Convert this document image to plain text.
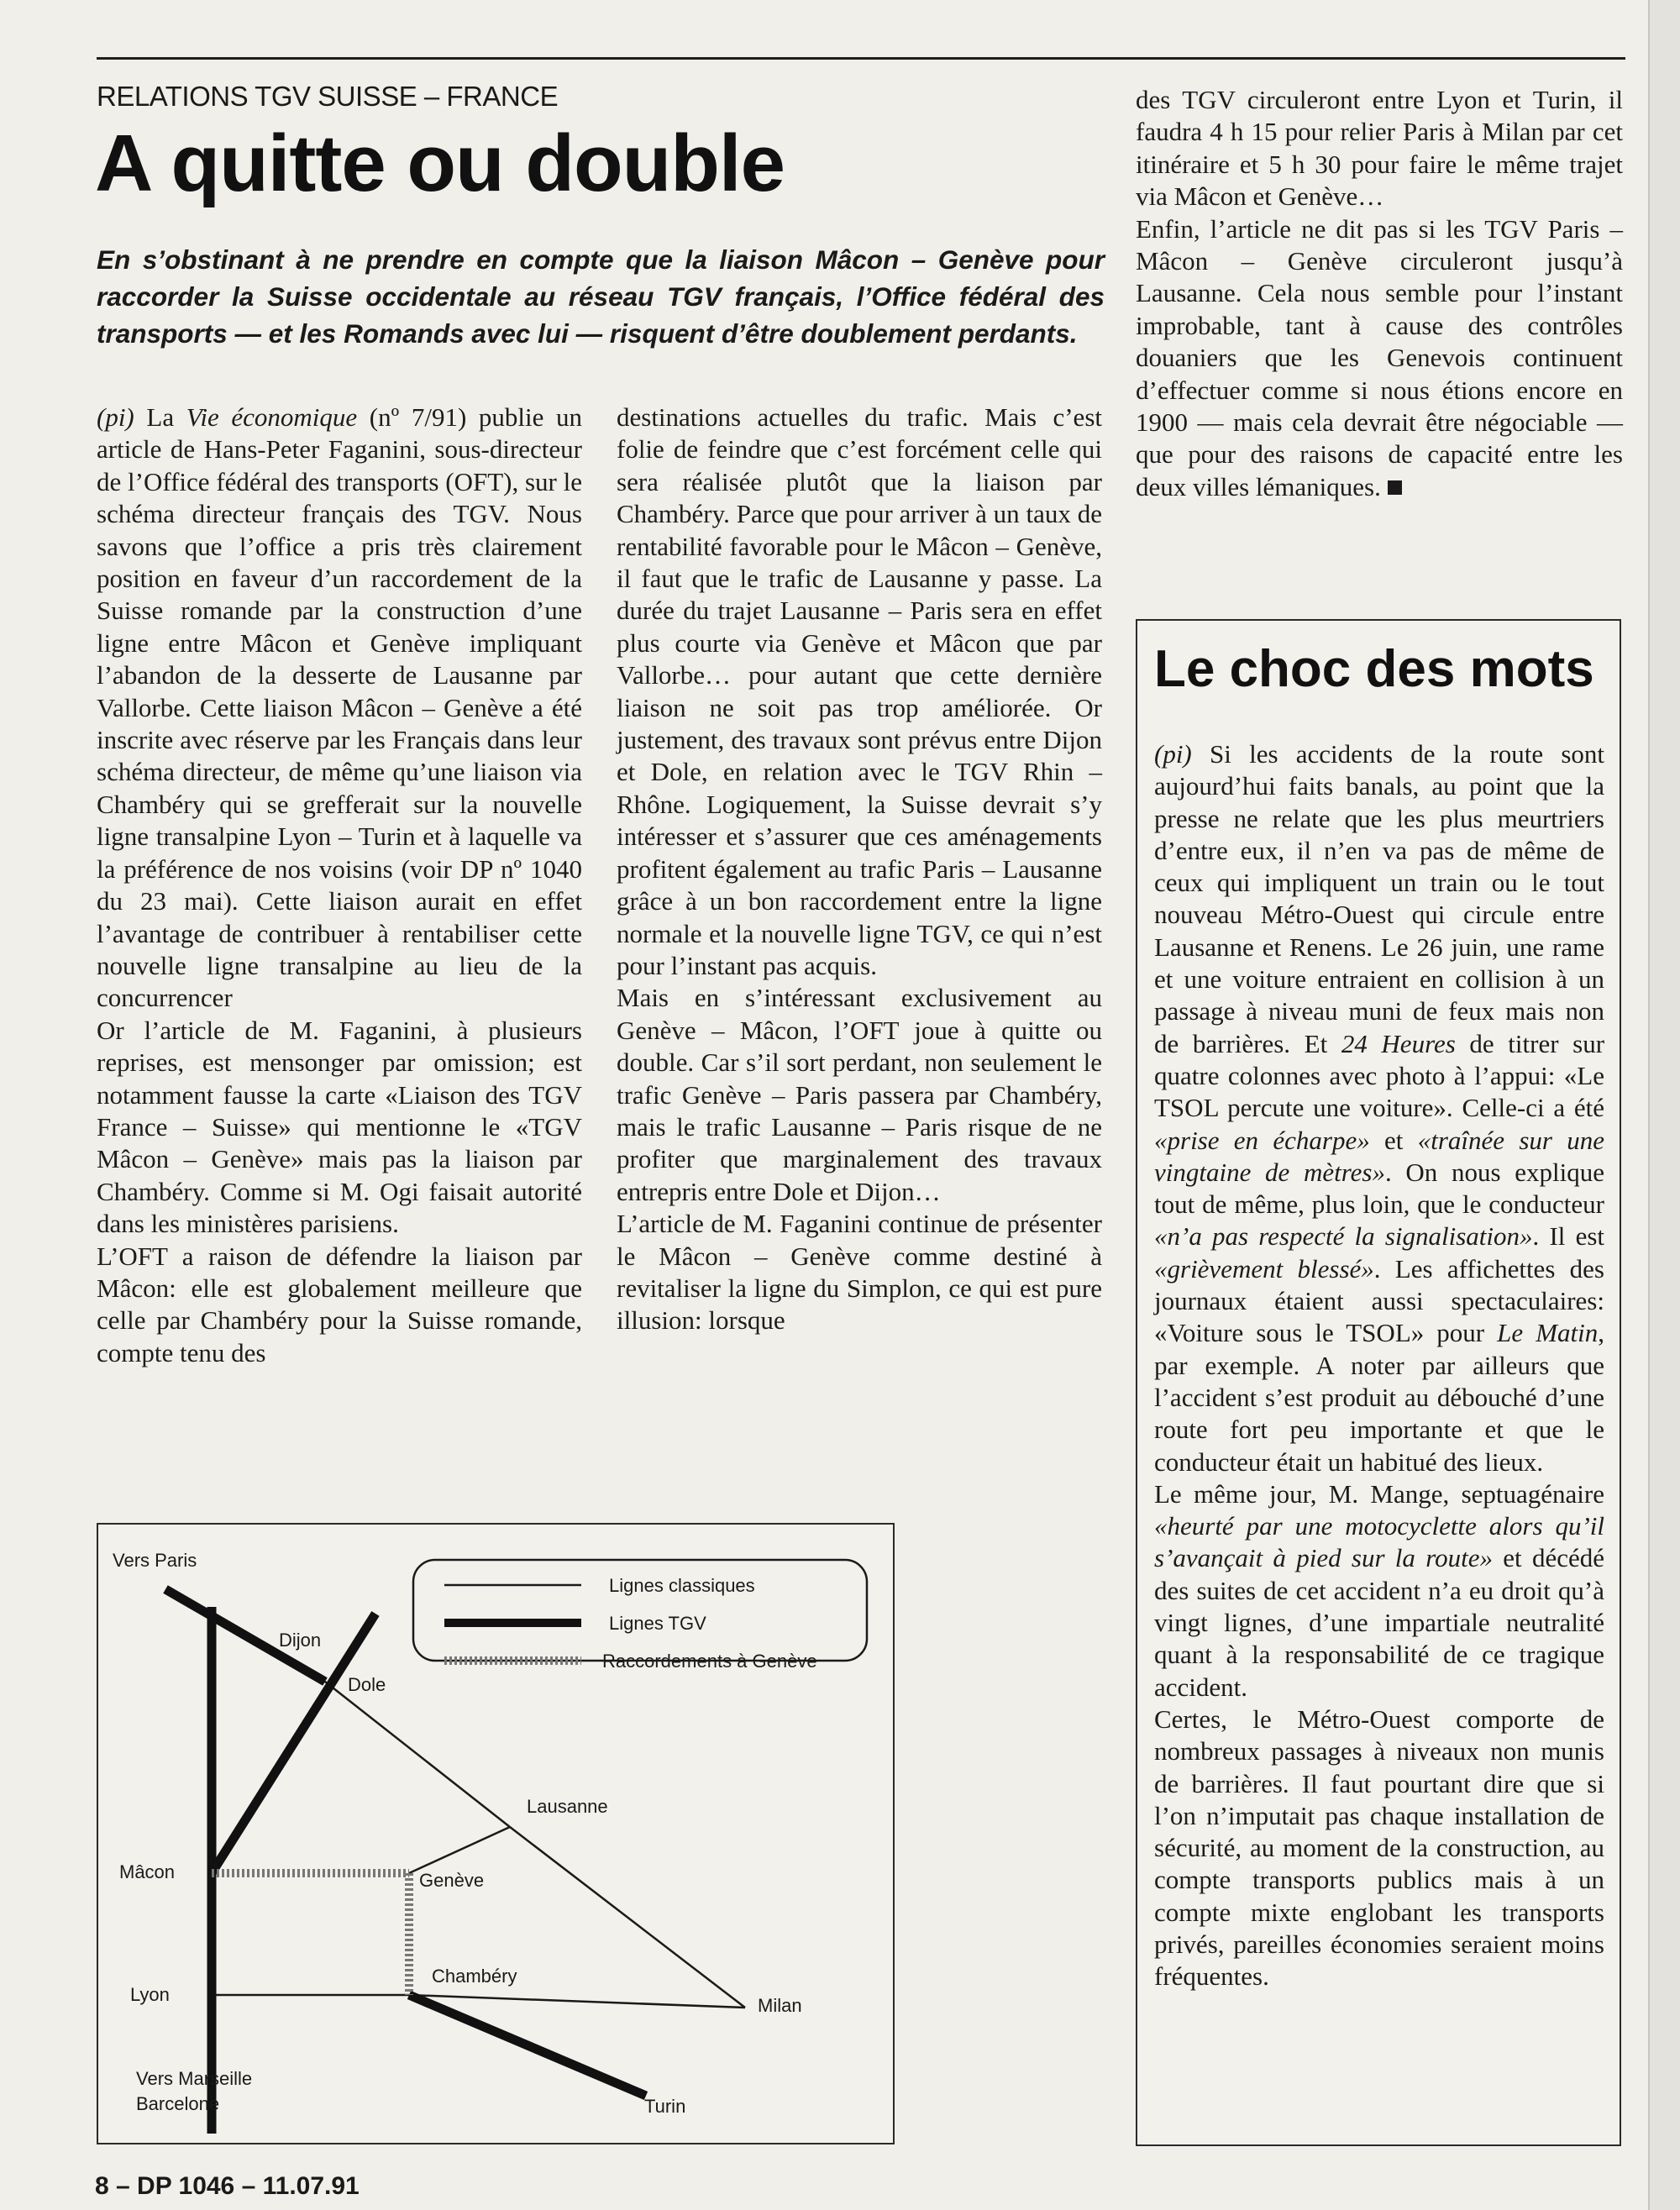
RELATIONS TGV SUISSE – FRANCE
A quitte ou double

En s’obstinant à ne prendre en compte que la liaison Mâcon – Genève pour raccorder la Suisse occidentale au réseau TGV français, l’Office fédéral des transports — et les Romands avec lui — risquent d’être doublement perdants.

(pi) La Vie économique (nº 7/91) publie un article de Hans-Peter Faganini, sous-directeur de l’Office fédéral des transports (OFT), sur le schéma directeur français des TGV. Nous savons que l’office a pris très clairement position en faveur d’un raccordement de la Suisse romande par la construction d’une ligne entre Mâcon et Genève impliquant l’abandon de la desserte de Lausanne par Vallorbe. Cette liaison Mâcon – Genève a été inscrite avec réserve par les Français dans leur schéma directeur, de même qu’une liaison via Chambéry qui se grefferait sur la nouvelle ligne transalpine Lyon – Turin et à laquelle va la préférence de nos voisins (voir DP nº 1040 du 23 mai). Cette liaison aurait en effet l’avantage de contribuer à rentabiliser cette nouvelle ligne transalpine au lieu de la concurrencer

Or l’article de M. Faganini, à plusieurs reprises, est mensonger par omission; est notamment fausse la carte «Liaison des TGV France – Suisse» qui mentionne le «TGV Mâcon – Genève» mais pas la liaison par Chambéry. Comme si M. Ogi faisait autorité dans les ministères parisiens.

L’OFT a raison de défendre la liaison par Mâcon: elle est globalement meilleure que celle par Chambéry pour la Suisse romande, compte tenu des

destinations actuelles du trafic. Mais c’est folie de feindre que c’est forcément celle qui sera réalisée plutôt que la liaison par Chambéry. Parce que pour arriver à un taux de rentabilité favorable pour le Mâcon – Genève, il faut que le trafic de Lausanne y passe. La durée du trajet Lausanne – Paris sera en effet plus courte via Genève et Mâcon que par Vallorbe… pour autant que cette dernière liaison ne soit pas trop améliorée. Or justement, des travaux sont prévus entre Dijon et Dole, en relation avec le TGV Rhin – Rhône. Logiquement, la Suisse devrait s’y intéresser et s’assurer que ces aménagements profitent également au trafic Paris – Lausanne grâce à un bon raccordement entre la ligne normale et la nouvelle ligne TGV, ce qui n’est pour l’instant pas acquis.

Mais en s’intéressant exclusivement au Genève – Mâcon, l’OFT joue à quitte ou double. Car s’il sort perdant, non seulement le trafic Genève – Paris passera par Chambéry, mais le trafic Lausanne – Paris risque de ne profiter que marginalement des travaux entrepris entre Dole et Dijon…

L’article de M. Faganini continue de présenter le Mâcon – Genève comme destiné à revitaliser la ligne du Simplon, ce qui est pure illusion: lorsque

des TGV circuleront entre Lyon et Turin, il faudra 4 h 15 pour relier Paris à Milan par cet itinéraire et 5 h 30 pour faire le même trajet via Mâcon et Genève…

Enfin, l’article ne dit pas si les TGV Paris – Mâcon – Genève circuleront jusqu’à Lausanne. Cela nous semble pour l’instant improbable, tant à cause des contrôles douaniers que les Genevois continuent d’effectuer comme si nous étions encore en 1900 — mais cela devrait être négociable — que pour des raisons de capacité entre les deux villes lémaniques.

Lignes classiques
Lignes TGV
Raccordements à Genève
Vers Paris
Dijon
Dole
Lausanne
Mâcon	Genève
Chambéry
Lyon
Milan
Vers Marseille
Barcelone	Turin
Le choc des mots

(pi) Si les accidents de la route sont aujourd’hui faits banals, au point que la presse ne relate que les plus meurtriers d’entre eux, il n’en va pas de même de ceux qui impliquent un train ou le tout nouveau Métro-Ouest qui circule entre Lausanne et Renens. Le 26 juin, une rame et une voiture entraient en collision à un passage à niveau muni de feux mais non de barrières. Et 24 Heures de titrer sur quatre colonnes avec photo à l’appui: «Le TSOL percute une voiture». Celle-ci a été «prise en écharpe» et «traînée sur une vingtaine de mètres». On nous explique tout de même, plus loin, que le conducteur «n’a pas respecté la signalisation». Il est «grièvement blessé». Les affichettes des journaux étaient aussi spectaculaires: «Voiture sous le TSOL» pour Le Matin, par exemple. A noter par ailleurs que l’accident s’est produit au débouché d’une route fort peu importante et que le conducteur était un habitué des lieux.

Le même jour, M. Mange, septuagénaire «heurté par une motocyclette alors qu’il s’avançait à pied sur la route» et décédé des suites de cet accident n’a eu droit qu’à vingt lignes, d’une impartiale neutralité quant à la responsabilité de ce tragique accident.

Certes, le Métro-Ouest comporte de nombreux passages à niveaux non munis de barrières. Il faut pourtant dire que si l’on n’imputait pas chaque installation de sécurité, au moment de la construction, au compte transports publics mais à un compte mixte englobant les transports privés, pareilles économies seraient moins fréquentes.

8 – DP 1046 – 11.07.91
